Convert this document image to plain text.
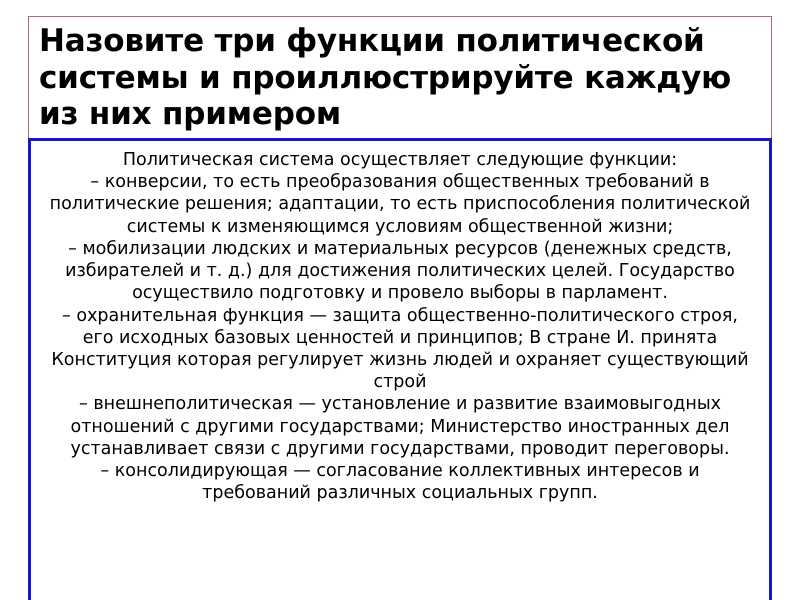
Назовите три функции политической системы и проиллюстрируйте каждую из них примером

Политическая система осуществляет следующие функции:

– конверсии, то есть преобразования общественных требований в политические решения; адаптации, то есть приспособления политической системы к изменяющимся условиям общественной жизни;

– мобилизации людских и материальных ресурсов (денежных средств, избирателей и т. д.) для достижения политических целей. Государство осуществило подготовку и провело выборы в парламент.

– охранительная функция — защита общественно-политического строя, его исходных базовых ценностей и принципов; В стране И. принята Конституция которая регулирует жизнь людей и охраняет существующий строй

– внешнеполитическая — установление и развитие взаимовыгодных отношений с другими государствами; Министерство иностранных дел устанавливает связи с другими государствами, проводит переговоры.

– консолидирующая — согласование коллективных интересов и требований различных социальных групп.
